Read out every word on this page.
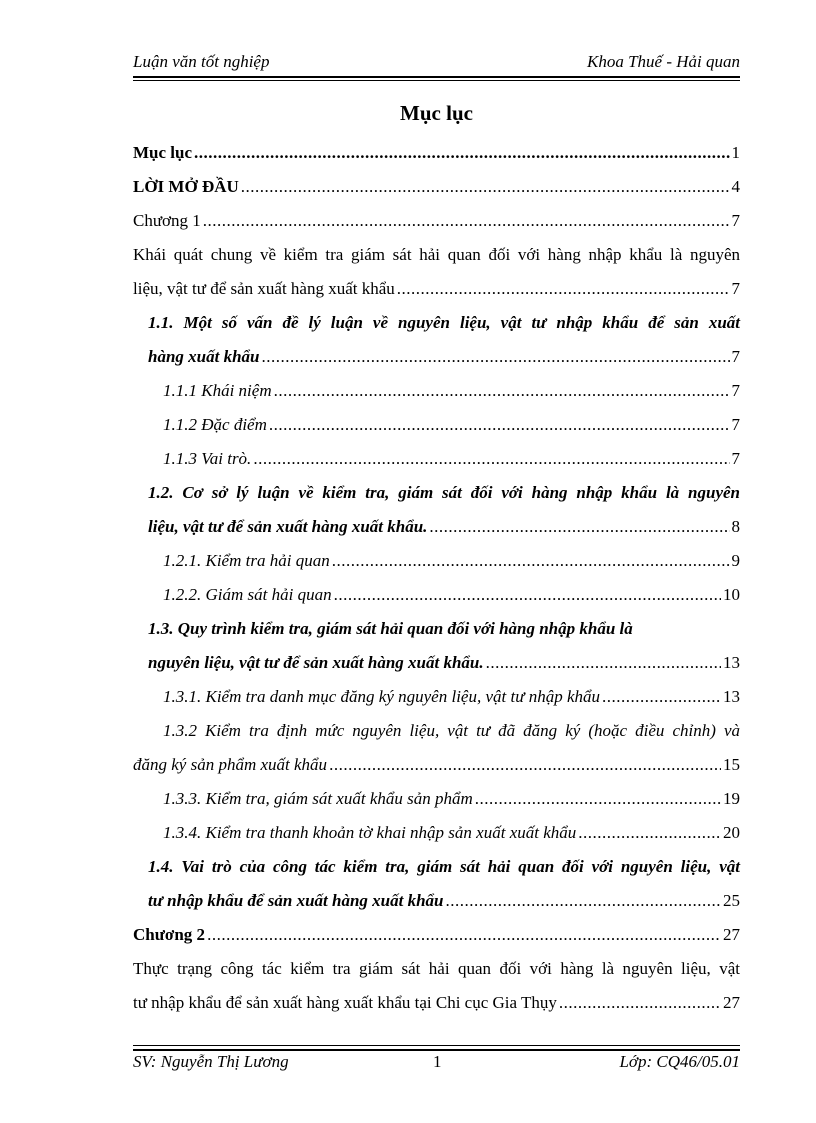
Luận văn tốt nghiệp	Khoa Thuế - Hải quan
Mục lục
Mục lục .....	1
LỜI MỞ ĐẦU .....	4
Chương 1 .....	7
Khái quát chung về kiểm tra giám sát hải quan đối với hàng nhập khẩu là nguyên
liệu, vật tư để sản xuất hàng xuất khẩu .....	7
1.1. Một số vấn đề lý luận về nguyên liệu, vật tư nhập khẩu để sản xuất
hàng xuất khẩu .....	7
1.1.1 Khái niệm .....	7
1.1.2 Đặc điểm .....	7
1.1.3 Vai trò. .....	7
1.2. Cơ sở lý luận về kiểm tra, giám sát đối với hàng nhập khẩu là nguyên
liệu, vật tư để sản xuất hàng xuất khẩu. .....	8
1.2.1. Kiểm tra hải quan .....	9
1.2.2. Giám sát hải quan .....	10
1.3. Quy trình kiểm tra, giám sát hải quan đối với hàng nhập khẩu là
nguyên liệu, vật tư để sản xuất hàng xuất khẩu. .....	13
1.3.1. Kiểm tra danh mục đăng ký nguyên liệu, vật tư nhập khẩu .....	13
1.3.2 Kiểm tra định mức nguyên liệu, vật tư đã đăng ký (hoặc điều chỉnh) và
đăng ký sản phẩm xuất khẩu .....	15
1.3.3. Kiểm tra, giám sát xuất khẩu sản phẩm .....	19
1.3.4. Kiểm tra thanh khoản tờ khai nhập sản xuất xuất khẩu .....	20
1.4. Vai trò của công tác kiểm tra, giám sát hải quan đối với nguyên liệu, vật
tư nhập khẩu để sản xuất hàng xuất khẩu .....	25
Chương 2 .....	27
Thực trạng công tác kiểm tra giám sát hải quan đối với hàng là nguyên liệu, vật
tư nhập khẩu để sản xuất hàng xuất khẩu tại Chi cục Gia Thụy .....	27
SV: Nguyễn Thị Lương	1	Lớp: CQ46/05.01
